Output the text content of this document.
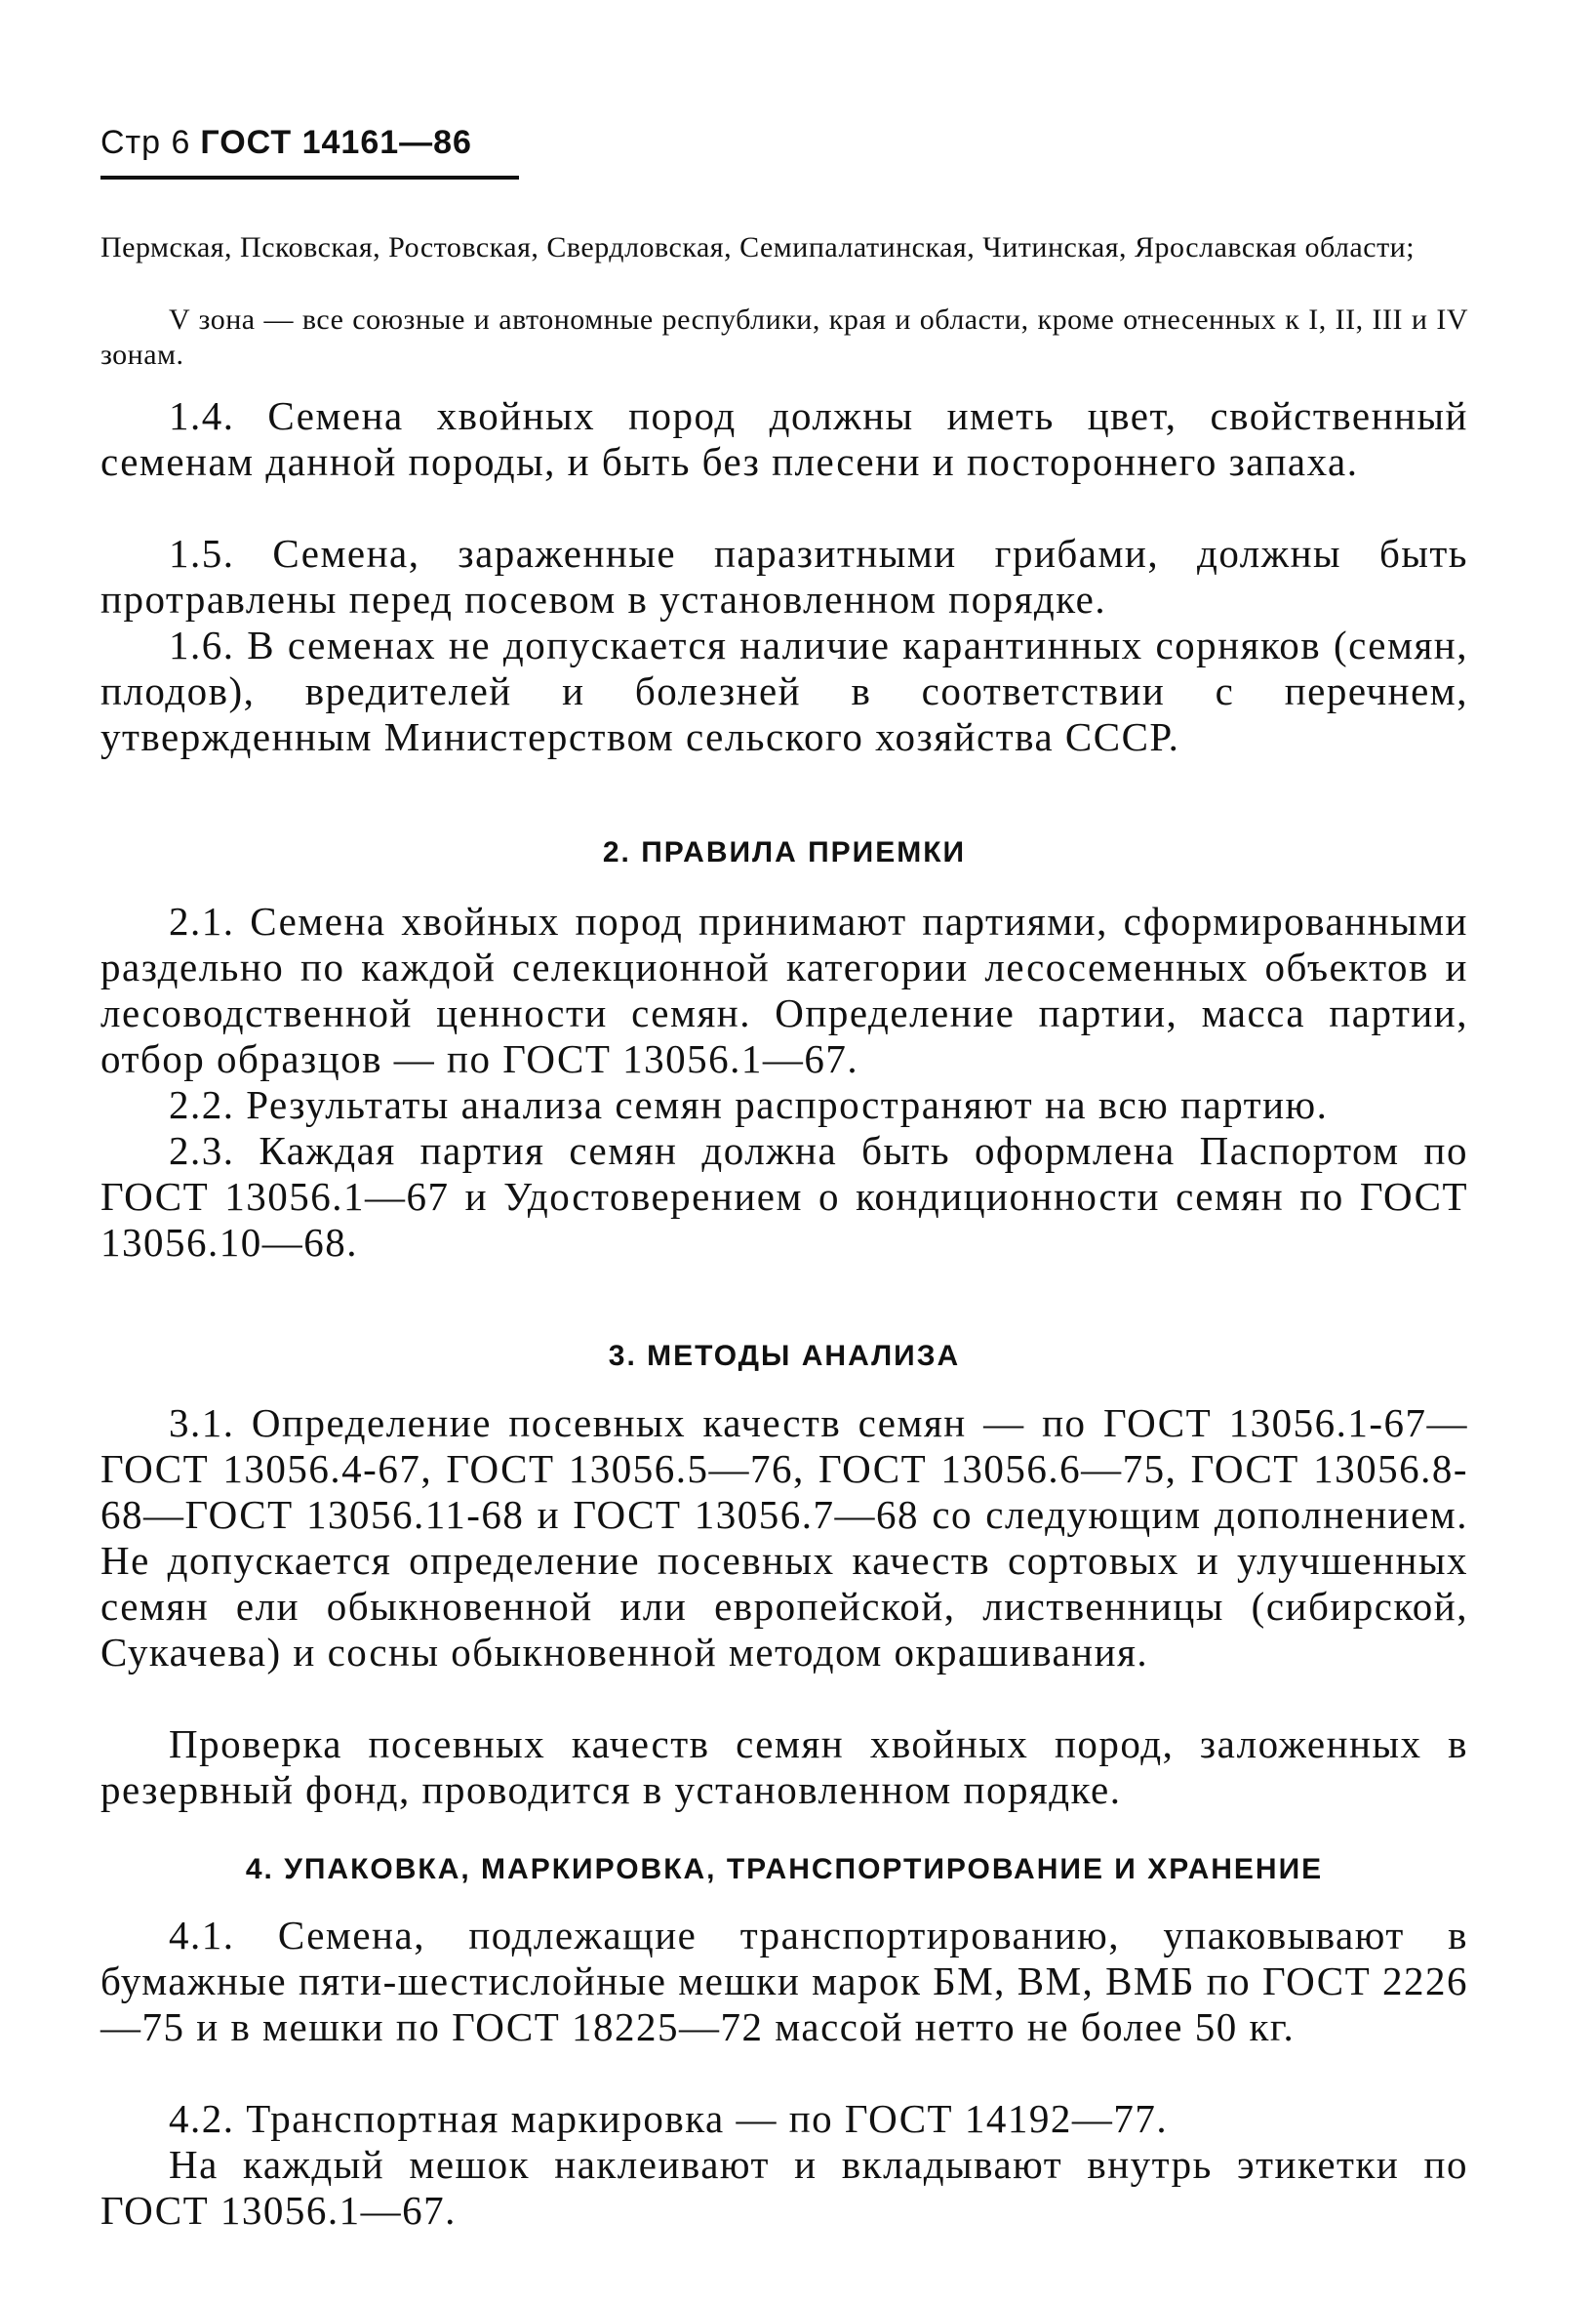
Стр 6 ГОСТ 14161—86

Пермская, Псковская, Ростовская, Свердловская, Семипалатинская, Читинская, Ярославская области;

V зона — все союзные и автономные республики, края и области, кроме отнесенных к I, II, III и IV зонам.

1.4. Семена хвойных пород должны иметь цвет, свойственный семенам данной породы, и быть без плесени и постороннего запаха.

1.5. Семена, зараженные паразитными грибами, должны быть протравлены перед посевом в установленном порядке.

1.6. В семенах не допускается наличие карантинных сорняков (семян, плодов), вредителей и болезней в соответствии с перечнем, утвержденным Министерством сельского хозяйства СССР.

2. ПРАВИЛА ПРИЕМКИ

2.1. Семена хвойных пород принимают партиями, сформированными раздельно по каждой селекционной категории лесосеменных объектов и лесоводственной ценности семян. Определение партии, масса партии, отбор образцов — по ГОСТ 13056.1—67.

2.2. Результаты анализа семян распространяют на всю партию.

2.3. Каждая партия семян должна быть оформлена Паспортом по ГОСТ 13056.1—67 и Удостоверением о кондиционности семян по ГОСТ 13056.10—68.

3. МЕТОДЫ АНАЛИЗА

3.1. Определение посевных качеств семян — по ГОСТ 13056.1-67—ГОСТ 13056.4-67, ГОСТ 13056.5—76, ГОСТ 13056.6—75, ГОСТ 13056.8-68—ГОСТ 13056.11-68 и ГОСТ 13056.7—68 со следующим дополнением. Не допускается определение посевных качеств сортовых и улучшенных семян ели обыкновенной или европейской, лиственницы (сибирской, Сукачева) и сосны обыкновенной методом окрашивания.

Проверка посевных качеств семян хвойных пород, заложенных в резервный фонд, проводится в установленном порядке.

4. УПАКОВКА, МАРКИРОВКА, ТРАНСПОРТИРОВАНИЕ И ХРАНЕНИЕ

4.1. Семена, подлежащие транспортированию, упаковывают в бумажные пяти-шестислойные мешки марок БМ, ВМ, ВМБ по ГОСТ 2226—75 и в мешки по ГОСТ 18225—72 массой нетто не более 50 кг.

4.2. Транспортная маркировка — по ГОСТ 14192—77.

На каждый мешок наклеивают и вкладывают внутрь этикетки по ГОСТ 13056.1—67.
